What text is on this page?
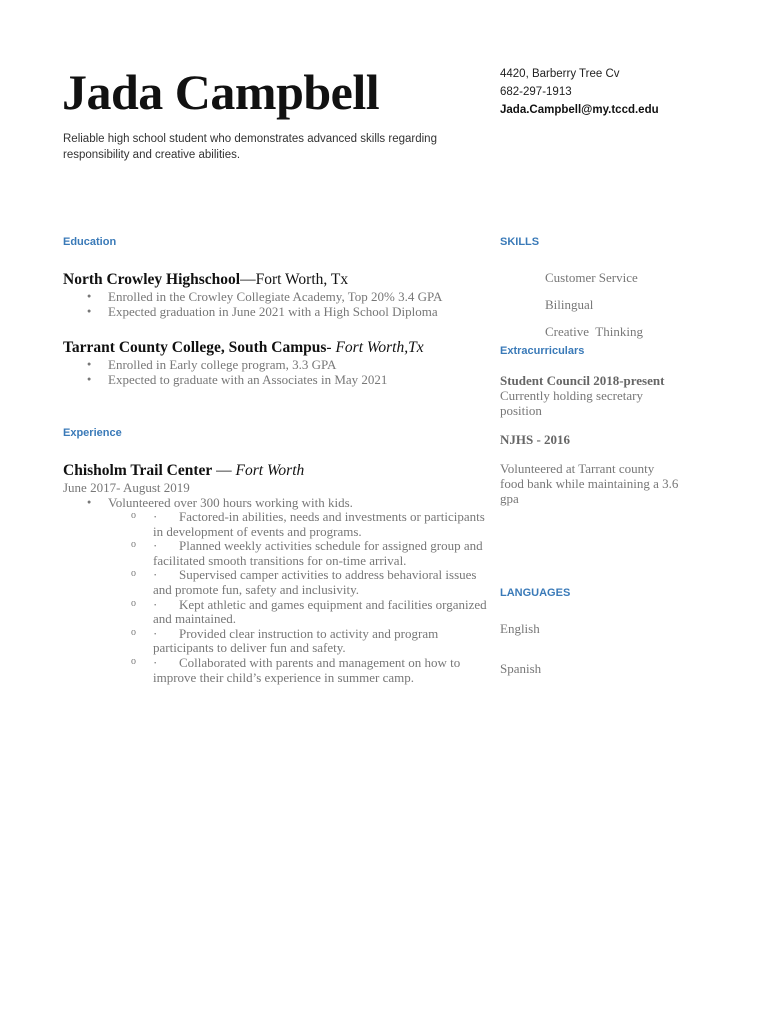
Jada Campbell
Reliable high school student who demonstrates advanced skills regarding responsibility and creative abilities.
4420, Barberry Tree Cv
682-297-1913
Jada.Campbell@my.tccd.edu
Education
North Crowley Highschool—Fort Worth, Tx
● Enrolled in the Crowley Collegiate Academy, Top 20% 3.4 GPA
● Expected graduation in June 2021 with a High School Diploma
Tarrant County College, South Campus- Fort Worth,Tx
● Enrolled in Early college program, 3.3 GPA
● Expected to graduate with an Associates in May 2021
Experience
Chisholm Trail Center — Fort Worth
June 2017- August 2019
● Volunteered over 300 hours working with kids.
o · Factored-in abilities, needs and investments or participants in development of events and programs.
o · Planned weekly activities schedule for assigned group and facilitated smooth transitions for on-time arrival.
o · Supervised camper activities to address behavioral issues and promote fun, safety and inclusivity.
o · Kept athletic and games equipment and facilities organized and maintained.
o · Provided clear instruction to activity and program participants to deliver fun and safety.
o · Collaborated with parents and management on how to improve their child’s experience in summer camp.
SKILLS
Customer Service
Bilingual
Creative  Thinking
Extracurriculars
Student Council 2018-present
Currently holding secretary position
NJHS - 2016
Volunteered at Tarrant county food bank while maintaining a 3.6 gpa
LANGUAGES
English
Spanish
